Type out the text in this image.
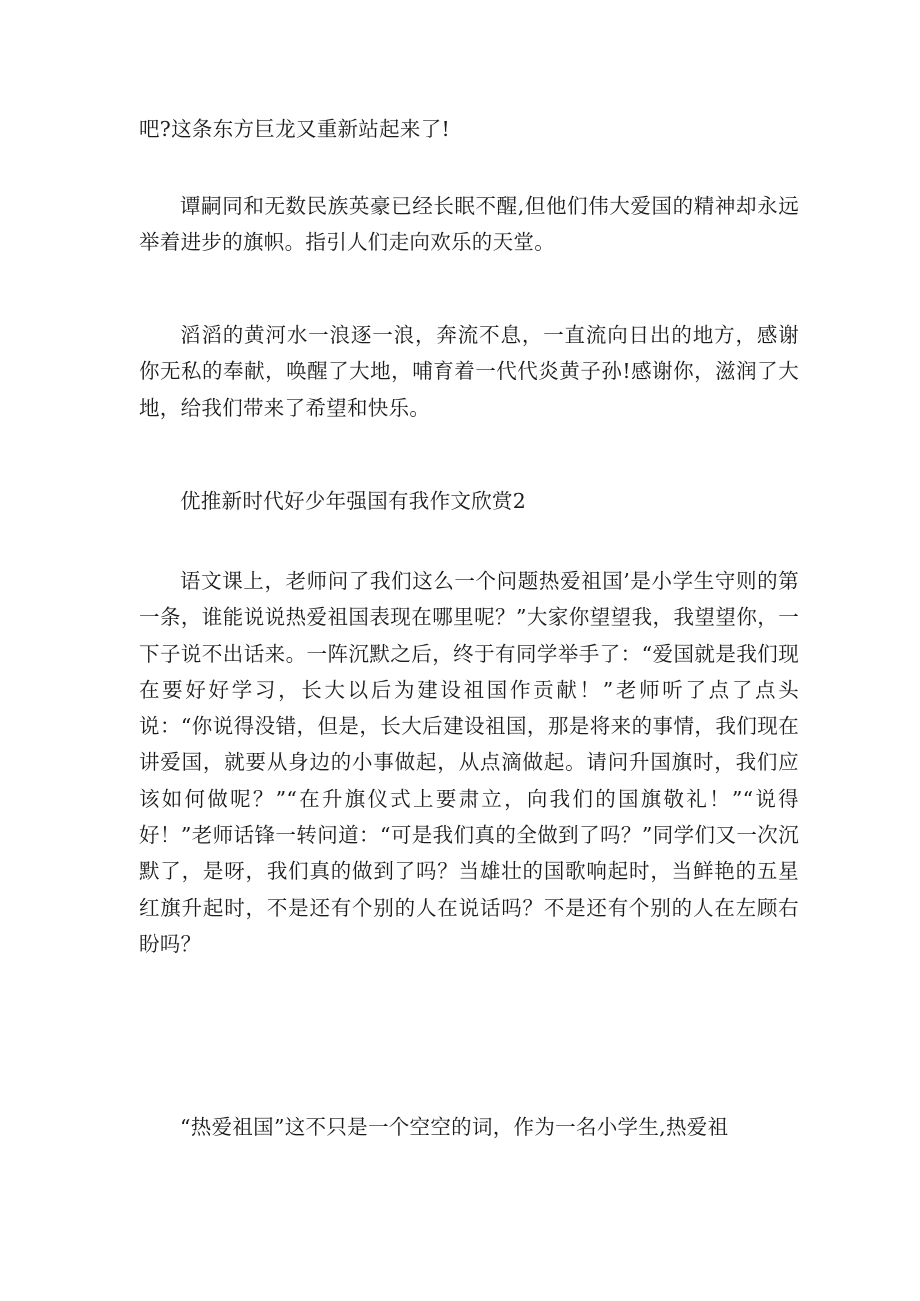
吧?这条东方巨龙又重新站起来了!

谭嗣同和无数民族英豪已经长眠不醒,但他们伟大爱国的精神却永远举着进步的旗帜。指引人们走向欢乐的天堂。

滔滔的黄河水一浪逐一浪，奔流不息，一直流向日出的地方，感谢你无私的奉献，唤醒了大地，哺育着一代代炎黄子孙!感谢你，滋润了大地，给我们带来了希望和快乐。

优推新时代好少年强国有我作文欣赏2

语文课上，老师问了我们这么一个问题热爱祖国’是小学生守则的第一条，谁能说说热爱祖国表现在哪里呢？”大家你望望我，我望望你，一下子说不出话来。一阵沉默之后，终于有同学举手了：“爱国就是我们现在要好好学习，长大以后为建设祖国作贡献！”老师听了点了点头说：“你说得没错，但是，长大后建设祖国，那是将来的事情，我们现在讲爱国，就要从身边的小事做起，从点滴做起。请问升国旗时，我们应该如何做呢？”“在升旗仪式上要肃立，向我们的国旗敬礼！”“说得好！”老师话锋一转问道：“可是我们真的全做到了吗？”同学们又一次沉默了，是呀，我们真的做到了吗？当雄壮的国歌响起时，当鲜艳的五星红旗升起时，不是还有个别的人在说话吗？不是还有个别的人在左顾右盼吗？

“热爱祖国”这不只是一个空空的词，作为一名小学生,热爱祖
